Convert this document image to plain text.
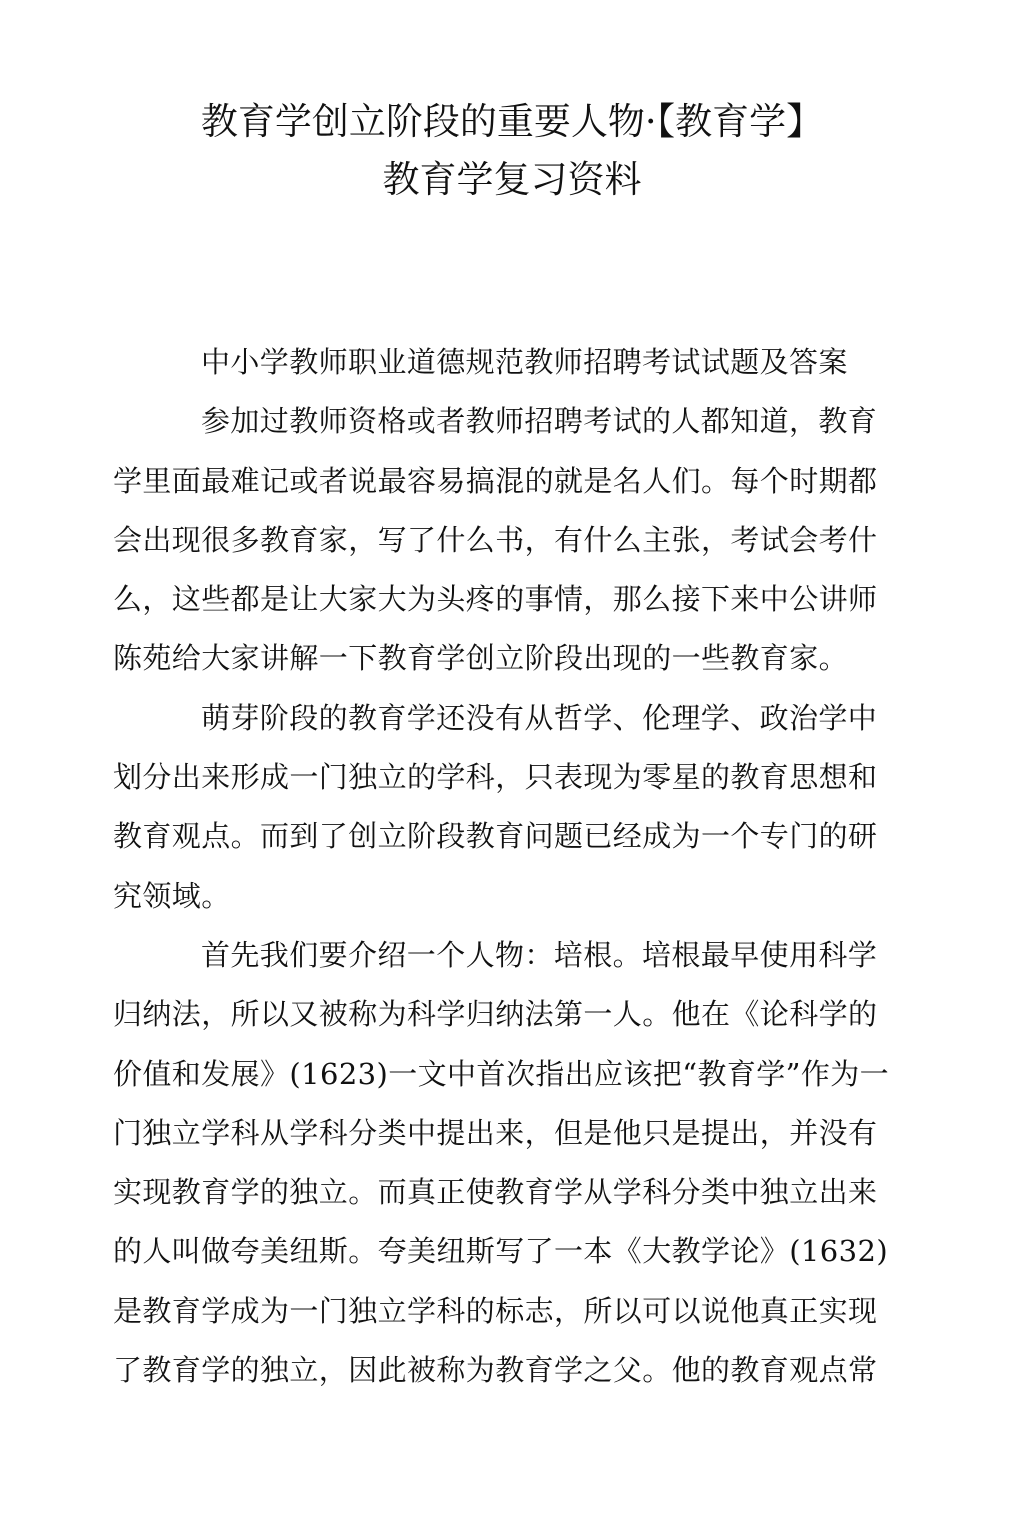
教育学创立阶段的重要人物·【教育学】
教育学复习资料
中小学教师职业道德规范教师招聘考试试题及答案
参加过教师资格或者教师招聘考试的人都知道，教育
学里面最难记或者说最容易搞混的就是名人们。每个时期都
会出现很多教育家，写了什么书，有什么主张，考试会考什
么，这些都是让大家大为头疼的事情，那么接下来中公讲师
陈苑给大家讲解一下教育学创立阶段出现的一些教育家。
萌芽阶段的教育学还没有从哲学、伦理学、政治学中
划分出来形成一门独立的学科，只表现为零星的教育思想和
教育观点。而到了创立阶段教育问题已经成为一个专门的研
究领域。
首先我们要介绍一个人物：培根。培根最早使用科学
归纳法，所以又被称为科学归纳法第一人。他在《论科学的
价值和发展》(1623)一文中首次指出应该把“教育学”作为一
门独立学科从学科分类中提出来，但是他只是提出，并没有
实现教育学的独立。而真正使教育学从学科分类中独立出来
的人叫做夸美纽斯。夸美纽斯写了一本《大教学论》(1632)
是教育学成为一门独立学科的标志，所以可以说他真正实现
了教育学的独立，因此被称为教育学之父。他的教育观点常
